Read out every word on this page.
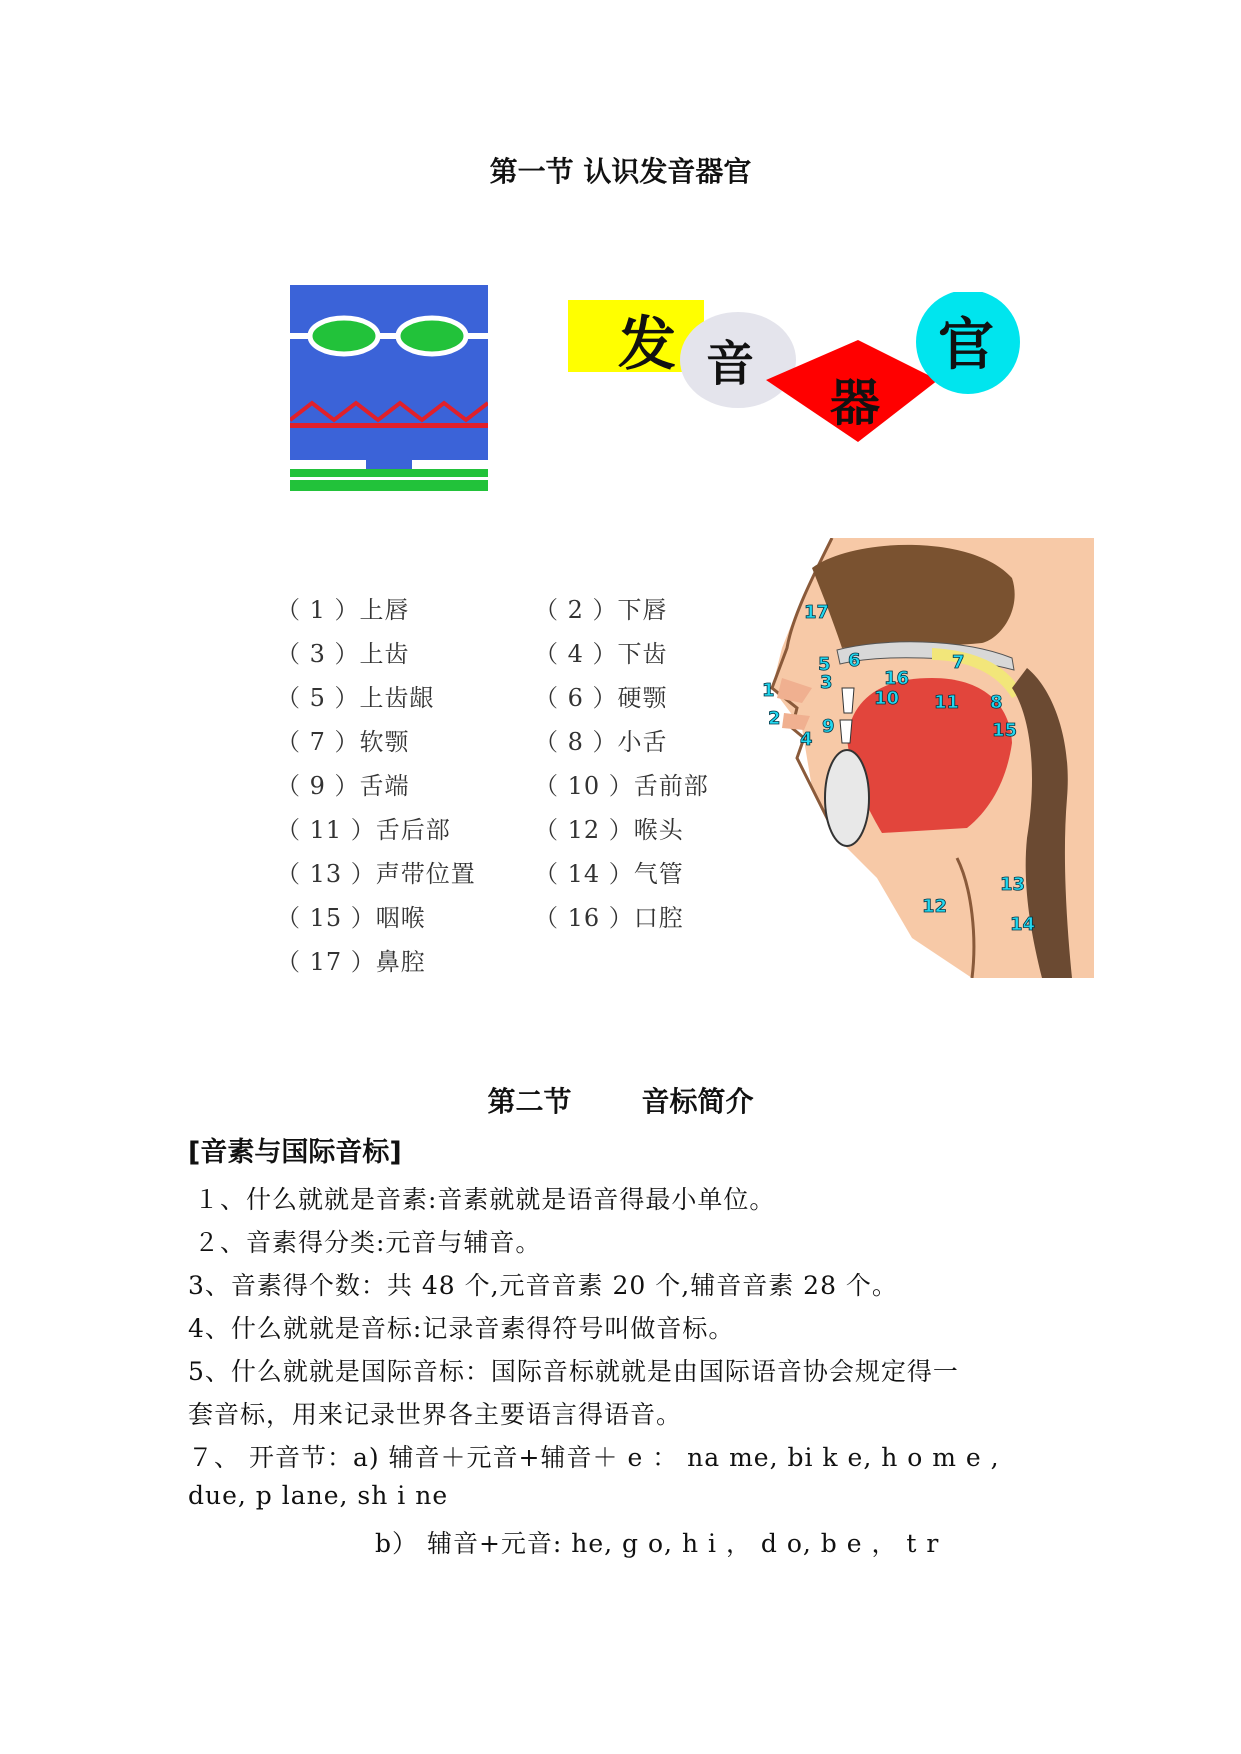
第一节 认识发音器官
发 音
器
官
（ 1 ）上唇	（ 2 ）下唇
（ 3 ）上齿	（ 4 ）下齿
（ 5 ）上齿龈	（ 6 ）硬颚
（ 7 ）软颚	（ 8 ）小舌
（ 9 ）舌端	（ 10 ）舌前部
（ 11 ）舌后部	（ 12 ）喉头
（ 13 ）声带位置 （ 14 ）气管
（ 15 ）咽喉	（ 16 ）口腔
（ 17 ）鼻腔
1
2
3
4
5 6	7
8
9
10 11
12
13
14
15
16
17
第二节	音标简介
[音素与国际音标]
１、什么就就是音素:音素就就是语音得最小单位。
２、音素得分类:元音与辅音。
3、音素得个数：共 48 个,元音音素 20 个,辅音音素 28 个。
4、什么就就是音标:记录音素得符号叫做音标。
5、什么就就是国际音标：国际音标就就是由国际语音协会规定得一
套音标，用来记录世界各主要语言得语音。
７、 开音节：a) 辅音＋元音+辅音＋ e ： na me, bi k e, h o m e ,
due, p lane, sh i ne
b） 辅音+元音: he, g o, h i ， d o, b e ， t r
